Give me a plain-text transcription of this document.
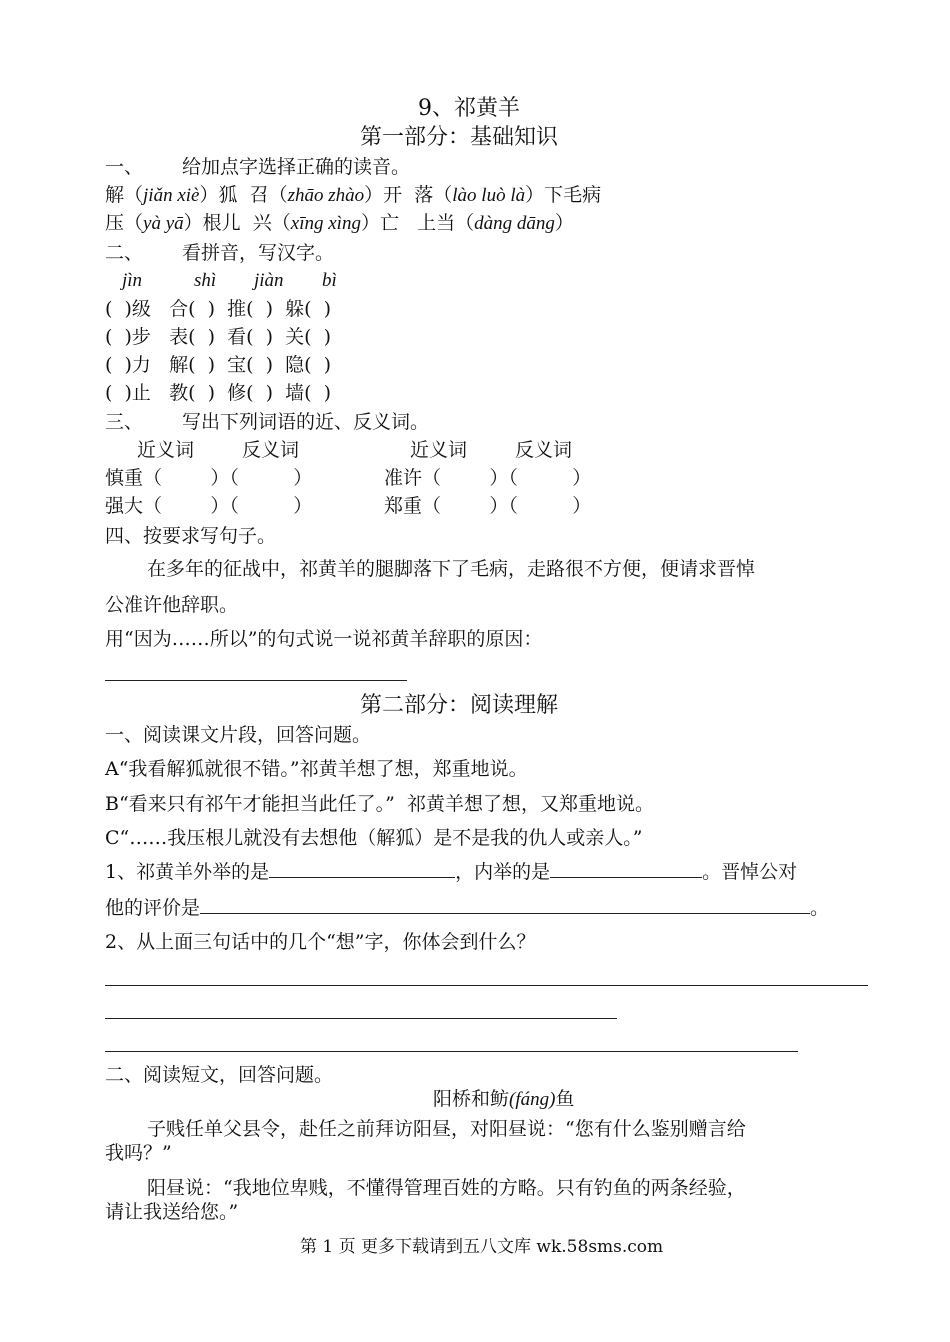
9、祁黄羊
第一部分：基础知识
一、 给加点字选择正确的读音。
解（jiǎn xiè）狐 召（zhāo zhào）开 落（lào luò là）下毛病
压（yà yā）根儿 兴（xīng xìng）亡 上当（dàng dāng）
二、 看拼音，写汉字。
jìn	shì jiàn bì
( )级 合( ) 推( ) 躲( )
( )步 表( ) 看( ) 关( )
( )力 解( ) 宝( ) 隐( )
( )止 教( ) 修( ) 墙( )
三、 写出下列词语的近、反义词。
近义词	反义词	近义词	反义词
慎重（	）（	）	准许（	）（	）
强大（	）（	）	郑重（	）（	）
四、按要求写句子。
在多年的征战中，祁黄羊的腿脚落下了毛病，走路很不方便，便请求晋悼
公准许他辞职。
用“因为……所以”的句式说一说祁黄羊辞职的原因：
第二部分：阅读理解
一、阅读课文片段，回答问题。
A“我看解狐就很不错。”祁黄羊想了想，郑重地说。
B“看来只有祁午才能担当此任了。”  祁黄羊想了想，又郑重地说。
C“……我压根儿就没有去想他（解狐）是不是我的仇人或亲人。”
1、祁黄羊外举的是	，内举的是	。晋悼公对
他的评价是	。
2、从上面三句话中的几个“想”字，你体会到什么？
二、阅读短文，回答问题。
阳桥和鲂(fáng)鱼
子贱任单父县令，赴任之前拜访阳昼，对阳昼说：“您有什么鉴别赠言给
我吗？”
阳昼说：“我地位卑贱，不懂得管理百姓的方略。只有钓鱼的两条经验，
请让我送给您。”
第 1 页 更多下载请到五八文库 wk.58sms.com
